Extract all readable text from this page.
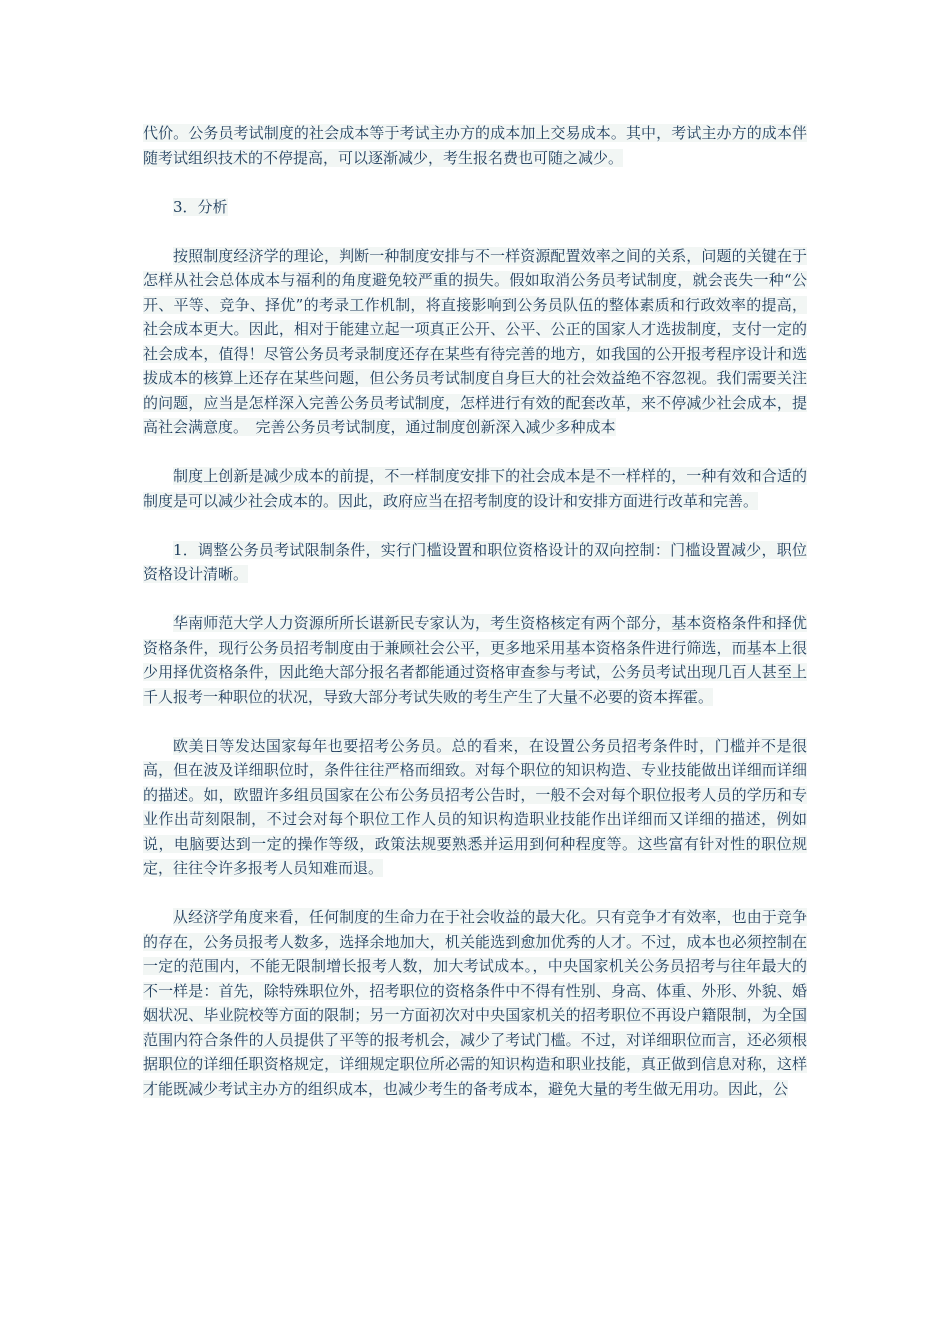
代价。公务员考试制度的社会成本等于考试主办方的成本加上交易成本。其中，考试主办方的成本伴随考试组织技术的不停提高，可以逐渐减少，考生报名费也可随之减少。

3．分析

按照制度经济学的理论，判断一种制度安排与不一样资源配置效率之间的关系，问题的关键在于怎样从社会总体成本与福利的角度避免较严重的损失。假如取消公务员考试制度，就会丧失一种“公开、平等、竞争、择优”的考录工作机制，将直接影响到公务员队伍的整体素质和行政效率的提高，社会成本更大。因此，相对于能建立起一项真正公开、公平、公正的国家人才选拔制度，支付一定的社会成本，值得！尽管公务员考录制度还存在某些有待完善的地方，如我国的公开报考程序设计和选拔成本的核算上还存在某些问题，但公务员考试制度自身巨大的社会效益绝不容忽视。我们需要关注的问题，应当是怎样深入完善公务员考试制度，怎样进行有效的配套改革，来不停减少社会成本，提高社会满意度。　完善公务员考试制度，通过制度创新深入减少多种成本

制度上创新是减少成本的前提，不一样制度安排下的社会成本是不一样样的，一种有效和合适的制度是可以减少社会成本的。因此，政府应当在招考制度的设计和安排方面进行改革和完善。

1．调整公务员考试限制条件，实行门槛设置和职位资格设计的双向控制：门槛设置减少，职位资格设计清晰。

华南师范大学人力资源所所长谌新民专家认为，考生资格核定有两个部分，基本资格条件和择优资格条件，现行公务员招考制度由于兼顾社会公平，更多地采用基本资格条件进行筛选，而基本上很少用择优资格条件，因此绝大部分报名者都能通过资格审查参与考试，公务员考试出现几百人甚至上千人报考一种职位的状况，导致大部分考试失败的考生产生了大量不必要的资本挥霍。

欧美日等发达国家每年也要招考公务员。总的看来，在设置公务员招考条件时，门槛并不是很高，但在波及详细职位时，条件往往严格而细致。对每个职位的知识构造、专业技能做出详细而详细的描述。如，欧盟许多组员国家在公布公务员招考公告时，一般不会对每个职位报考人员的学历和专业作出苛刻限制，不过会对每个职位工作人员的知识构造职业技能作出详细而又详细的描述，例如说，电脑要达到一定的操作等级，政策法规要熟悉并运用到何种程度等。这些富有针对性的职位规定，往往令许多报考人员知难而退。

从经济学角度来看，任何制度的生命力在于社会收益的最大化。只有竞争才有效率，也由于竞争的存在，公务员报考人数多，选择余地加大，机关能选到愈加优秀的人才。不过，成本也必须控制在一定的范围内，不能无限制增长报考人数，加大考试成本。，中央国家机关公务员招考与往年最大的不一样是：首先，除特殊职位外，招考职位的资格条件中不得有性别、身高、体重、外形、外貌、婚姻状况、毕业院校等方面的限制；另一方面初次对中央国家机关的招考职位不再设户籍限制，为全国范围内符合条件的人员提供了平等的报考机会，减少了考试门槛。不过，对详细职位而言，还必须根据职位的详细任职资格规定，详细规定职位所必需的知识构造和职业技能，真正做到信息对称，这样才能既减少考试主办方的组织成本，也减少考生的备考成本，避免大量的考生做无用功。因此，公
